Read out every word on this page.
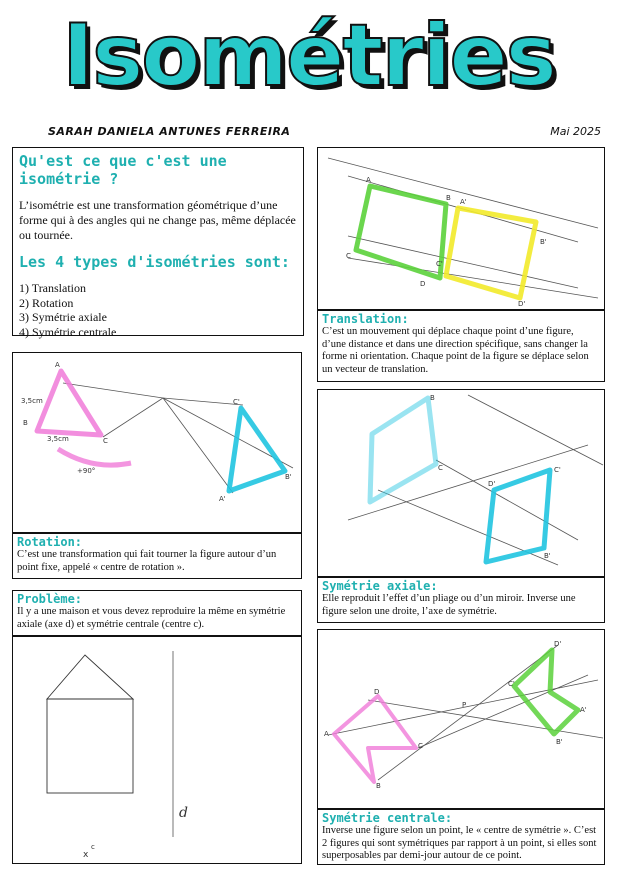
Isométries
SARAH DANIELA ANTUNES FERREIRA	Mai 2025
Qu'est ce que c'est une isométrie ?
L’isométrie est une transformation géométrique d’une forme qui à des angles qui ne change pas, même déplacée ou tournée.
Les 4 types d'isométries sont:
1) Translation
2) Rotation
3) Symétrie axiale
4) Symétrie centrale
A
B
C
D
A'
B'
C'
D'
Translation:
C’est un mouvement qui déplace chaque point d’une figure, d’une distance et dans une direction spécifique, sans changer la forme ni orientation. Chaque point de la figure se déplace selon un vecteur de translation.
A
B
C
3,5cm
3,5cm
+90°
C'
B'
A'
Rotation:
C’est une transformation qui fait tourner la figure autour d’un point fixe, appelé « centre de rotation ».
B
C
D'
C'
B'
Symétrie axiale:
Elle reproduit l’effet d’un pliage ou d’un miroir. Inverse une figure selon une droite, l’axe de symétrie.
Problème:
Il y a une maison et vous devez reproduire la même en symétrie axiale (axe d) et symétrie centrale (centre c).
d
x
c
D
C
A
B
P
D'
C'
A'
B'
Symétrie centrale:
Inverse une figure selon un point, le « centre de symétrie ». C’est 2 figures qui sont symétriques par rapport à un point, si elles sont superposables par demi-jour autour de ce point.
